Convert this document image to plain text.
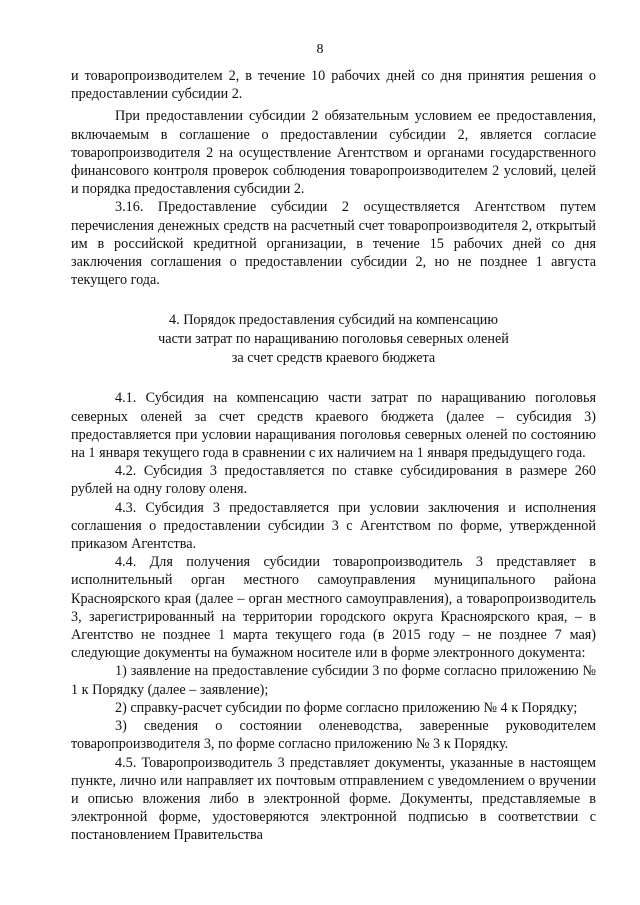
8

и товаропроизводителем 2, в течение 10 рабочих дней со дня принятия решения о предоставлении субсидии 2.

При предоставлении субсидии 2 обязательным условием ее предоставления, включаемым в соглашение о предоставлении субсидии 2, является согласие товаропроизводителя 2 на осуществление Агентством и органами государственного финансового контроля проверок соблюдения товаропроизводителем 2 условий, целей и порядка предоставления субсидии 2.

3.16. Предоставление субсидии 2 осуществляется Агентством путем перечисления денежных средств на расчетный счет товаропроизводителя 2, открытый им в российской кредитной организации, в течение 15 рабочих дней со дня заключения соглашения о предоставлении субсидии 2, но не позднее 1 августа текущего года.

4. Порядок предоставления субсидий на компенсацию
части затрат по наращиванию поголовья северных оленей
за счет средств краевого бюджета

4.1. Субсидия на компенсацию части затрат по наращиванию поголовья северных оленей за счет средств краевого бюджета (далее – субсидия 3) предоставляется при условии наращивания поголовья северных оленей по состоянию на 1 января текущего года в сравнении с их наличием на 1 января предыдущего года.

4.2. Субсидия 3 предоставляется по ставке субсидирования в размере 260 рублей на одну голову оленя.

4.3. Субсидия 3 предоставляется при условии заключения и исполнения соглашения о предоставлении субсидии 3 с Агентством по форме, утвержденной приказом Агентства.

4.4. Для получения субсидии товаропроизводитель 3 представляет в исполнительный орган местного самоуправления муниципального района Красноярского края (далее – орган местного самоуправления), а товаропроизводитель 3, зарегистрированный на территории городского округа Красноярского края, – в Агентство не позднее 1 марта текущего года (в 2015 году – не позднее 7 мая) следующие документы на бумажном носителе или в форме электронного документа:

1) заявление на предоставление субсидии 3 по форме согласно приложению № 1 к Порядку (далее – заявление);

2) справку-расчет субсидии по форме согласно приложению № 4 к Порядку;

3) сведения о состоянии оленеводства, заверенные руководителем товаропроизводителя 3, по форме согласно приложению № 3 к Порядку.

4.5. Товаропроизводитель 3 представляет документы, указанные в настоящем пункте, лично или направляет их почтовым отправлением с уведомлением о вручении и описью вложения либо в электронной форме. Документы, представляемые в электронной форме, удостоверяются электронной подписью в соответствии с постановлением Правительства
